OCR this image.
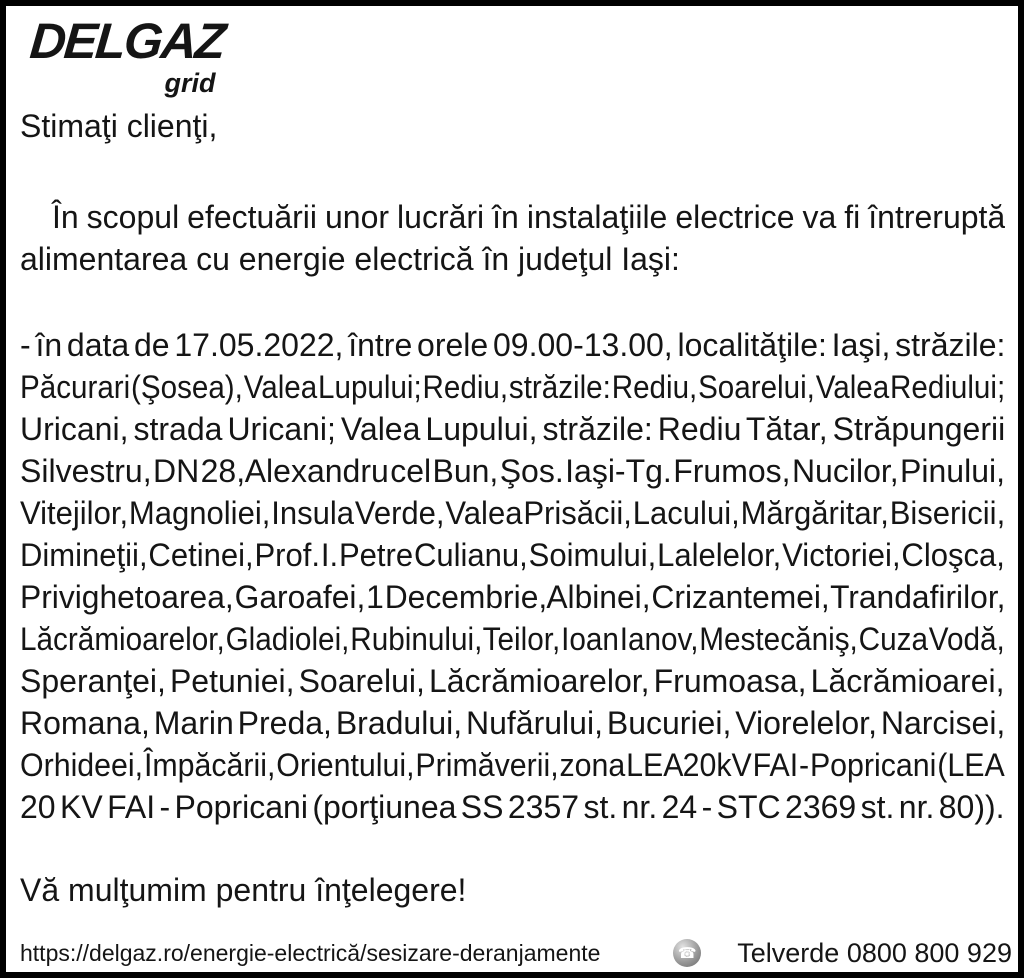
DELGAZ
grid
Stimaţi clienţi,
În scopul efectuării unor lucrări în instalaţiile electrice va fi întreruptă
alimentarea cu energie electrică în judeţul Iaşi:
- în data de 17.05.2022, între orele 09.00-13.00, localităţile: Iaşi, străzile:
Păcurari (Şosea), Valea Lupului; Rediu, străzile: Rediu, Soarelui, Valea Rediului;
Uricani, strada Uricani; Valea Lupului, străzile: Rediu Tătar, Străpungerii
Silvestru, DN 28, Alexandru cel Bun, Şos. Iaşi-Tg. Frumos, Nucilor, Pinului,
Vitejilor, Magnoliei, Insula Verde, Valea Prisăcii, Lacului, Mărgăritar, Bisericii,
Dimineţii, Cetinei, Prof. I. Petre Culianu, Soimului, Lalelelor, Victoriei, Cloşca,
Privighetoarea, Garoafei, 1 Decembrie, Albinei, Crizantemei, Trandafirilor,
Lăcrămioarelor, Gladiolei, Rubinului, Teilor, Ioan Ianov, Mestecăniş, Cuza Vodă,
Speranţei, Petuniei, Soarelui, Lăcrămioarelor, Frumoasa, Lăcrămioarei,
Romana, Marin Preda, Bradului, Nufărului, Bucuriei, Viorelelor, Narcisei,
Orhideei, Împăcării, Orientului, Primăverii, zona LEA 20kV FAI - Popricani (LEA
20 KV FAI - Popricani (porţiunea SS 2357 st. nr. 24 - STC 2369 st. nr. 80)).
Vă mulţumim pentru înţelegere!
https://delgaz.ro/energie-electrică/sesizare-deranjamente	☎ Telverde 0800 800 929
